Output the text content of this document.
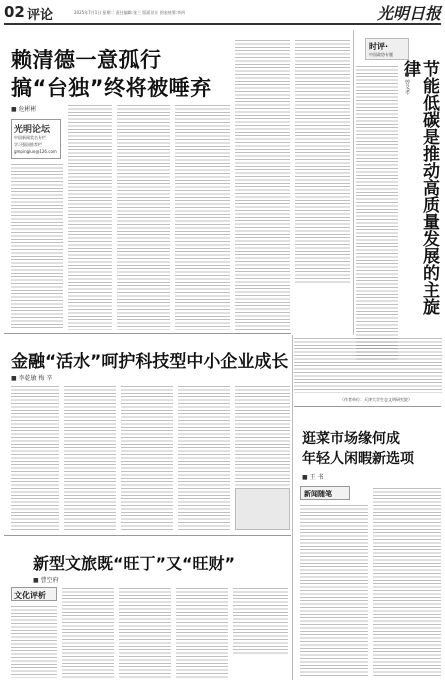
02 评论	2025年7月1日 星期二 责任编辑:张三 版面设计 图表统筹:李四	光明日报
赖清德一意孤行
搞“台独”终将被唾弃
■ 危彬彬
光明论坛
中国新闻奖名专栏
学习强国推荐栏
gmpinglun@126.com
时评·
中国政协专题
节能低碳是推动高质量发展的主旋律
■ 曾义孝
（作者单位：天津大学生态文明研究院）
金融“活水”呵护科技型中小企业成长
■ 李乾敏 梅 辛
新型文旅既“旺丁”又“旺财”
■ 曹空府
文化评析
逛菜市场缘何成
年轻人闲暇新选项
■ 王 书
新闻随笔
